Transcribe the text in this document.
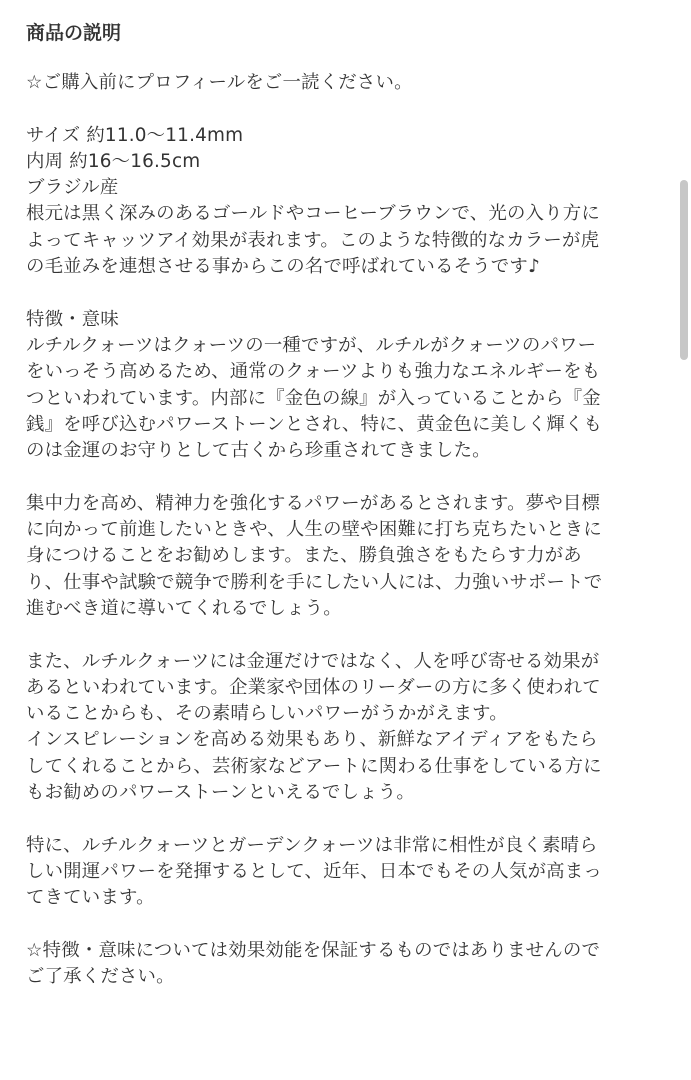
商品の説明
☆ご購入前にプロフィールをご一読ください。
サイズ 約11.0～11.4mm
内周 約16～16.5cm
ブラジル産
根元は黒く深みのあるゴールドやコーヒーブラウンで、光の入り方に
よってキャッツアイ効果が表れます。このような特徴的なカラーが虎
の毛並みを連想させる事からこの名で呼ばれているそうです♪
特徴・意味
ルチルクォーツはクォーツの一種ですが、ルチルがクォーツのパワー
をいっそう高めるため、通常のクォーツよりも強力なエネルギーをも
つといわれています。内部に『金色の線』が入っていることから『金
銭』を呼び込むパワーストーンとされ、特に、黄金色に美しく輝くも
のは金運のお守りとして古くから珍重されてきました。
集中力を高め、精神力を強化するパワーがあるとされます。夢や目標
に向かって前進したいときや、人生の壁や困難に打ち克ちたいときに
身につけることをお勧めします。また、勝負強さをもたらす力があ
り、仕事や試験で競争で勝利を手にしたい人には、力強いサポートで
進むべき道に導いてくれるでしょう。
また、ルチルクォーツには金運だけではなく、人を呼び寄せる効果が
あるといわれています。企業家や団体のリーダーの方に多く使われて
いることからも、その素晴らしいパワーがうかがえます。
インスピレーションを高める効果もあり、新鮮なアイディアをもたら
してくれることから、芸術家などアートに関わる仕事をしている方に
もお勧めのパワーストーンといえるでしょう。
特に、ルチルクォーツとガーデンクォーツは非常に相性が良く素晴ら
しい開運パワーを発揮するとして、近年、日本でもその人気が高まっ
てきています。
☆特徴・意味については効果効能を保証するものではありませんので
ご了承ください。
